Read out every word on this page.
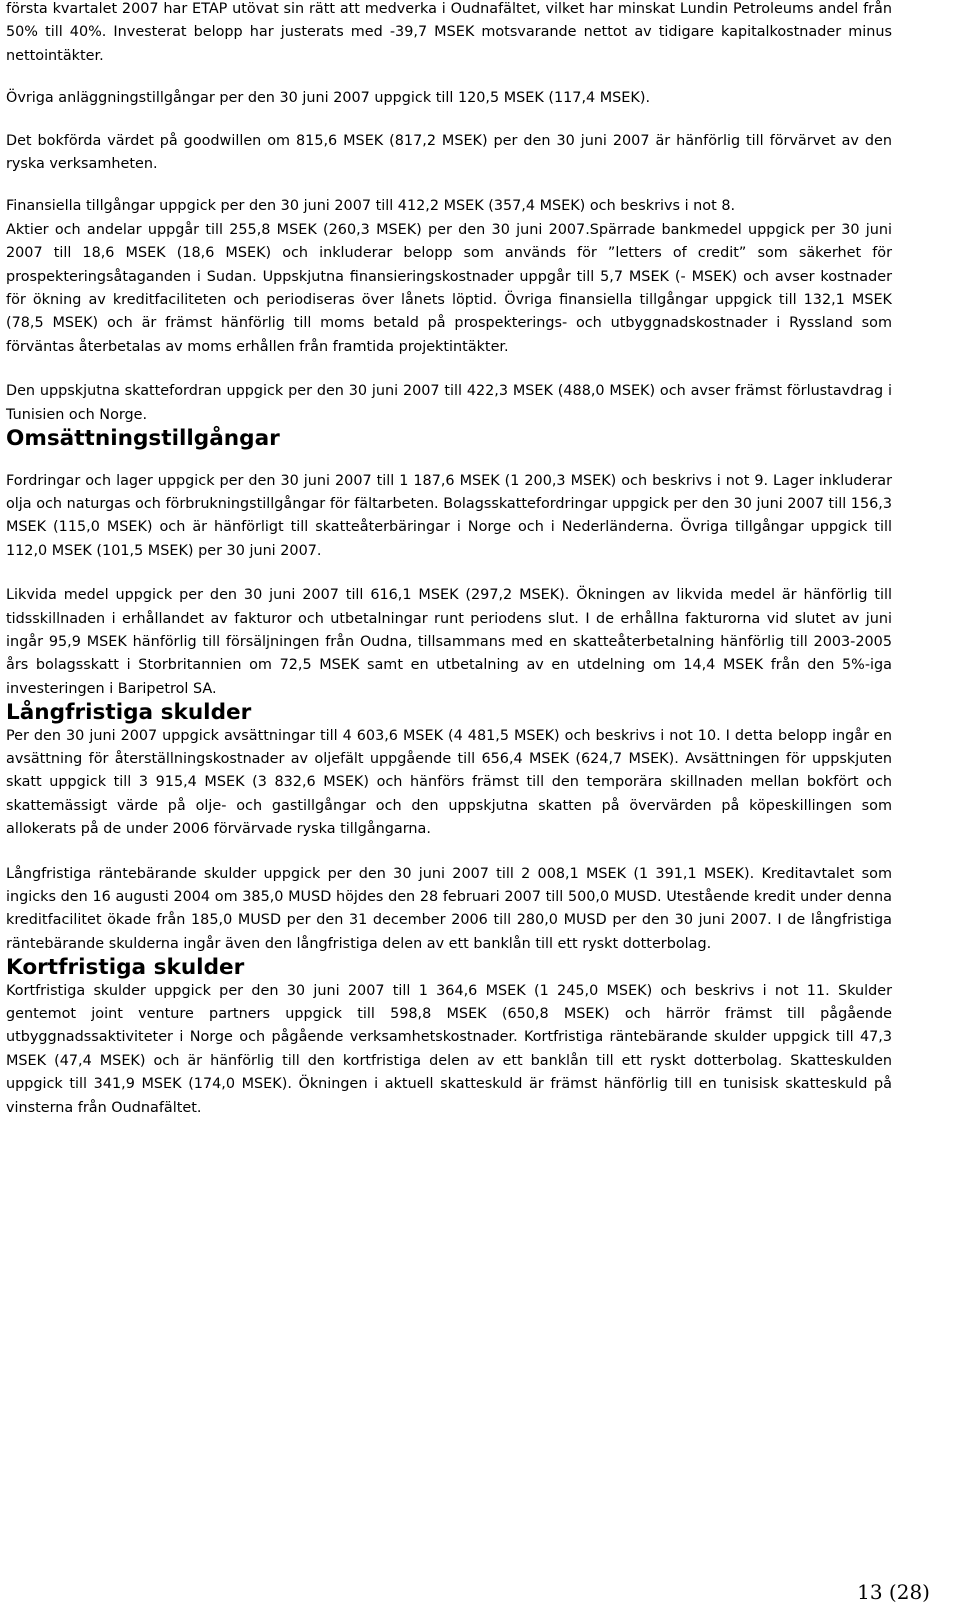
första kvartalet 2007 har ETAP utövat sin rätt att medverka i Oudnafältet, vilket har minskat Lundin Petroleums andel från 50% till 40%. Investerat belopp har justerats med -39,7 MSEK motsvarande nettot av tidigare kapitalkostnader minus nettointäkter.

Övriga anläggningstillgångar per den 30 juni 2007 uppgick till 120,5 MSEK (117,4 MSEK).

Det bokförda värdet på goodwillen om 815,6 MSEK (817,2 MSEK) per den 30 juni 2007 är hänförlig till förvärvet av den ryska verksamheten.

Finansiella tillgångar uppgick per den 30 juni 2007 till 412,2 MSEK (357,4 MSEK) och beskrivs i not 8.

Aktier och andelar uppgår till 255,8 MSEK (260,3 MSEK) per den 30 juni 2007.Spärrade bankmedel uppgick per 30 juni 2007 till 18,6 MSEK (18,6 MSEK) och inkluderar belopp som används för ”letters of credit” som säkerhet för prospekteringsåtaganden i Sudan. Uppskjutna finansieringskostnader uppgår till 5,7 MSEK (- MSEK) och avser kostnader för ökning av kreditfaciliteten och periodiseras över lånets löptid. Övriga finansiella tillgångar uppgick till 132,1 MSEK (78,5 MSEK) och är främst hänförlig till moms betald på prospekterings- och utbyggnadskostnader i Ryssland som förväntas återbetalas av moms erhållen från framtida projektintäkter.

Den uppskjutna skattefordran uppgick per den 30 juni 2007 till 422,3 MSEK (488,0 MSEK) och avser främst förlustavdrag i Tunisien och Norge.

Omsättningstillgångar

Fordringar och lager uppgick per den 30 juni 2007 till 1 187,6 MSEK (1 200,3 MSEK) och beskrivs i not 9. Lager inkluderar olja och naturgas och förbrukningstillgångar för fältarbeten. Bolagsskattefordringar uppgick per den 30 juni 2007 till 156,3 MSEK (115,0 MSEK) och är hänförligt till skatteåterbäringar i Norge och i Nederländerna. Övriga tillgångar uppgick till 112,0 MSEK (101,5 MSEK) per 30 juni 2007.

Likvida medel uppgick per den 30 juni 2007 till 616,1 MSEK (297,2 MSEK). Ökningen av likvida medel är hänförlig till tidsskillnaden i erhållandet av fakturor och utbetalningar runt periodens slut. I de erhållna fakturorna vid slutet av juni ingår 95,9 MSEK hänförlig till försäljningen från Oudna, tillsammans med en skatteåterbetalning hänförlig till 2003-2005 års bolagsskatt i Storbritannien om 72,5 MSEK samt en utbetalning av en utdelning om 14,4 MSEK från den 5%-iga investeringen i Baripetrol SA.

Långfristiga skulder

Per den 30 juni 2007 uppgick avsättningar till 4 603,6 MSEK (4 481,5 MSEK) och beskrivs i not 10. I detta belopp ingår en avsättning för återställningskostnader av oljefält uppgående till 656,4 MSEK (624,7 MSEK). Avsättningen för uppskjuten skatt uppgick till 3 915,4 MSEK (3 832,6 MSEK) och hänförs främst till den temporära skillnaden mellan bokfört och skattemässigt värde på olje- och gastillgångar och den uppskjutna skatten på övervärden på köpeskillingen som allokerats på de under 2006 förvärvade ryska tillgångarna.

Långfristiga räntebärande skulder uppgick per den 30 juni 2007 till 2 008,1 MSEK (1 391,1 MSEK). Kreditavtalet som ingicks den 16 augusti 2004 om 385,0 MUSD höjdes den 28 februari 2007 till 500,0 MUSD. Utestående kredit under denna kreditfacilitet ökade från 185,0 MUSD per den 31 december 2006 till 280,0 MUSD per den 30 juni 2007. I de långfristiga räntebärande skulderna ingår även den långfristiga delen av ett banklån till ett ryskt dotterbolag.

Kortfristiga skulder

Kortfristiga skulder uppgick per den 30 juni 2007 till 1 364,6 MSEK (1 245,0 MSEK) och beskrivs i not 11. Skulder gentemot joint venture partners uppgick till 598,8 MSEK (650,8 MSEK) och härrör främst till pågående utbyggnadssaktiviteter i Norge och pågående verksamhetskostnader. Kortfristiga räntebärande skulder uppgick till 47,3 MSEK (47,4 MSEK) och är hänförlig till den kortfristiga delen av ett banklån till ett ryskt dotterbolag. Skatteskulden uppgick till 341,9 MSEK (174,0 MSEK). Ökningen i aktuell skatteskuld är främst hänförlig till en tunisisk skatteskuld på vinsterna från Oudnafältet.

13 (28)
